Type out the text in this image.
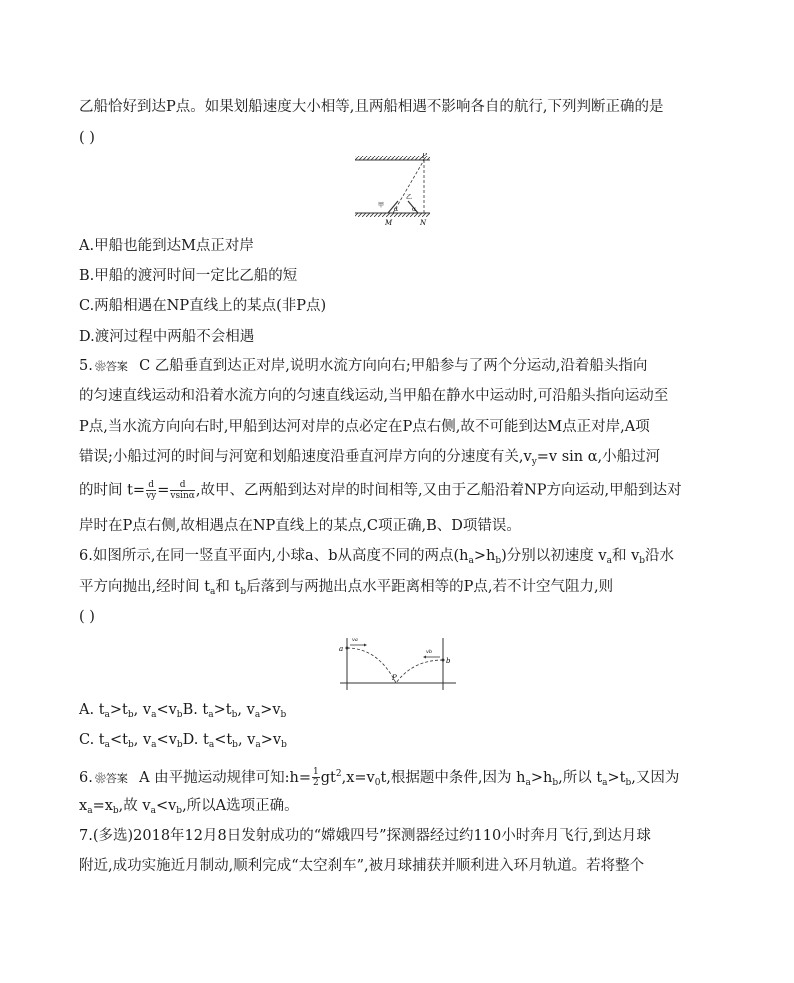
乙船恰好到达P点。如果划船速度大小相等,且两船相遇不影响各自的航行,下列判断正确的是
( )
P
M	N
甲
乙
α α
A.甲船也能到达M点正对岸
B.甲船的渡河时间一定比乙船的短
C.两船相遇在NP直线上的某点(非P点)
D.渡河过程中两船不会相遇
5. ❀答案 C 乙船垂直到达正对岸,说明水流方向向右;甲船参与了两个分运动,沿着船头指向
的匀速直线运动和沿着水流方向的匀速直线运动,当甲船在静水中运动时,可沿船头指向运动至
P点,当水流方向向右时,甲船到达河对岸的点必定在P点右侧,故不可能到达M点正对岸,A项
错误;小船过河的时间与河宽和划船速度沿垂直河岸方向的分速度有关$,v_y=v$ sin α,小船过河
的时间 $t= \frac{d}{vy} = \frac{d}{vsin\alpha}$ ,故甲、乙两船到达对岸的时间相等,又由于乙船沿着NP方向运动,甲船到达对
岸时在P点右侧,故相遇点在NP直线上的某点,C项正确,B、D项错误。
6.如图所示,在同一竖直平面内,小球a、b从高度不同的两点$(h_a>h_b)$分别以初速度 $v_a$和 $v_b$沿水
平方向抛出,经时间 $t_a$和 $t_b$后落到与两抛出点水平距离相等的P点,若不计空气阻力,则
( )
a
b
P
va
vb
A. $t_a>t_b$, $v_a<v_bB$. $t_a>t_b$, $v_a>v_b$
C. $t_a<t_b$, $v_a<v_bD$. $t_a<t_b$, $v_a>v_b$
6. ❀答案 A 由平抛运动规律可知:h= $\frac{1}{2} gt^2,x=v_0t$,根据题中条件,因为 $h_a>h_b$,所以 $t_a>t_b$,又因为
$x_a=x_b$,故 $v_a<v_b$,所以A选项正确。
7.(多选)2018年12月8日发射成功的“嫦娥四号”探测器经过约110小时奔月飞行,到达月球
附近,成功实施近月制动,顺利完成“太空刹车”,被月球捕获并顺利进入环月轨道。若将整个
